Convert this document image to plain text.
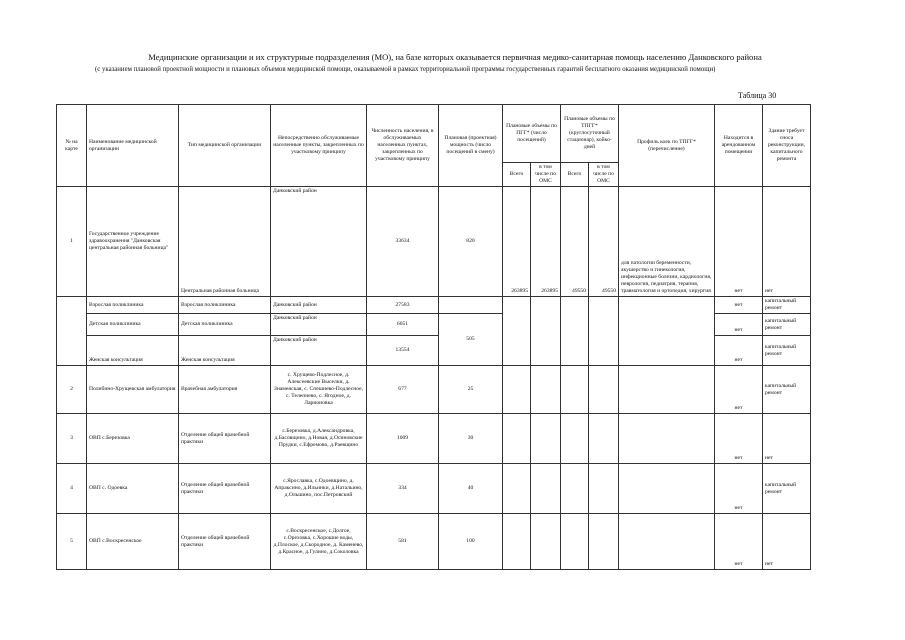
Медицинские организации и их структурные подразделения (МО), на базе которых оказывается первичная медико-санитарная помощь населению Данковского района
(с указанием плановой проектной мощности и плановых объемов медицинской помощи, оказываемой в рамках территориальной программы государственных гарантий бесплатного оказания медицинской помощи)
Таблица 30
№ на карте	Наименование медицинской организации	Тип медицинской организации	Непосредственно обслуживаемые населенные пункты, закрепленных по участковому принципу	Численность населения, в обслуживаемых населенных пунктах, закрепленных по участковому принципу	Плановая (проектная) мощность (число посещений в смену)	Плановые объемы по ПГГ* (число посещений)		Плановые объемы по ТПГГ* (круглосуточный стационар), койко-дней		Профиль коек по ТПГГ* (перечисление)	Находится в арендованном помещении	Здание требует сноса реконструкции, капитального ремонта
						Всего	в том числе по ОМС	Всего	в том числе по ОМС			
1	Государственное учреждение здравоохранения "Данковская центральная районная больница"	Центральная районная больница	Данковский район	33634	820	263895	263895	49550	49550	для патологии беременности, акушерство и гинекология, инфекционные болезни, кардиология, неврология, педиатрия, терапия, травматология и ортопедия, хирургия	нет	нет
	Взрослая поликлиника	Взрослая поликлиника	Данковский район	27583							нет	капитальный ремонт
	Детская поликлиника	Детская поликлиника	Данковский район	6051	505						нет	капитальный ремонт
	Женская консультация	Женская консультация	Данковский район	13554							нет	капитальный ремонт
2	Полибино-Хрущевская амбулатория	Врачебная амбулатория	с. Хрущево-Подлесное, д. Алексеевские Выселки, д. Знаменская, с. Спешнево-Подлесное, с. Телепнево, с. Ягодное, д. Ларионовка	677	25						нет	капитальный ремонт
3	ОВП с.Березовка	Отделение общей врачебной практики	с.Березовка, д.Александровка, д.Басовщино, д.Новая, д.Осиновские Прудки, с.Ефремово, д.Раевщино	1009	30						нет	нет
4	ОВП с. Одоевка	Отделение общей врачебной практики	с.Ярославка, с.Одоевщино, д. Апраксино, д.Ильинки, д.Натальино, д.Ольшино, пос.Петровский	334	40						нет	капитальный ремонт
5	ОВП с.Воскресенское	Отделение общей врачебной практики	с.Воскресенское, с.Долгое, с.Ореховка, с.Хорошие воды, д.Плоское, д.Скородное, д. Каменево, д.Красное, д.Гулино, д.Соколовка	581	100						нет	нет
